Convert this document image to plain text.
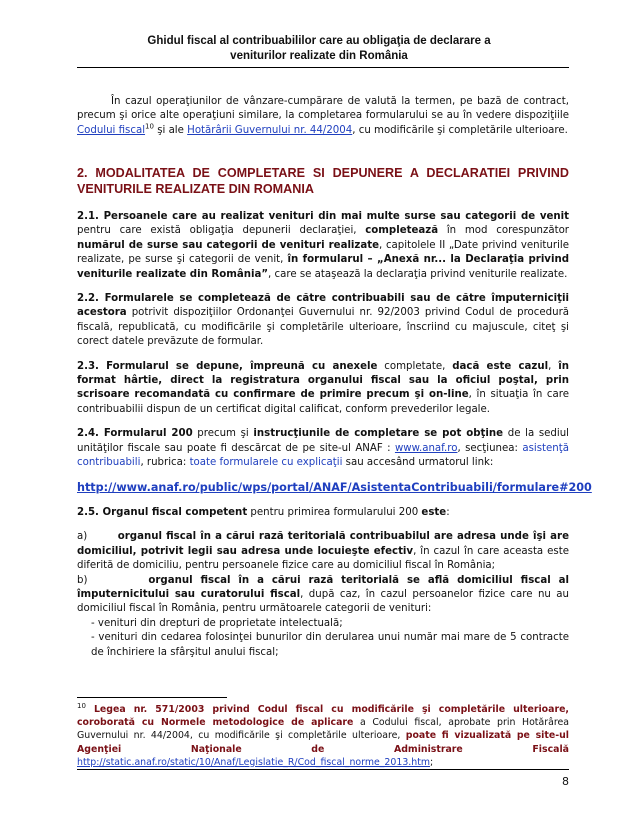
Ghidul fiscal al contribuabililor care au obligaţia de declarare a
veniturilor realizate din România

În cazul operaţiunilor de vânzare-cumpărare de valută la termen, pe bază de contract, precum şi orice alte operaţiuni similare, la completarea formularului se au în vedere dispoziţiile Codului fiscal$^{10}$ şi ale Hotărârii Guvernului nr. 44/2004, cu modificările şi completările ulterioare.

2. MODALITATEA DE COMPLETARE SI DEPUNERE A DECLARATIEI PRIVIND VENITURILE REALIZATE DIN ROMANIA

2.1. Persoanele care au realizat venituri din mai multe surse sau categorii de venit pentru care există obligaţia depunerii declaraţiei, completează în mod corespunzător numărul de surse sau categorii de venituri realizate, capitolele II „Date privind veniturile realizate, pe surse şi categorii de venit, în formularul – „Anexă nr... la Declaraţia privind veniturile realizate din România”, care se ataşează la declaraţia privind veniturile realizate.

2.2. Formularele se completează de către contribuabili sau de către împuterniciţii acestora potrivit dispoziţiilor Ordonanţei Guvernului nr. 92/2003 privind Codul de procedură fiscală, republicată, cu modificările şi completările ulterioare, înscriind cu majuscule, citeţ şi corect datele prevăzute de formular.

2.3. Formularul se depune, împreună cu anexele completate, dacă este cazul, în format hârtie, direct la registratura organului fiscal sau la oficiul poştal, prin scrisoare recomandată cu confirmare de primire precum şi on-line, în situaţia în care contribuabilii dispun de un certificat digital calificat, conform prevederilor legale.

2.4. Formularul 200 precum şi instrucţiunile de completare se pot obţine de la sediul unităţilor fiscale sau poate fi descărcat de pe site-ul ANAF : www.anaf.ro, secţiunea: asistenţă contribuabili, rubrica: toate formularele cu explicaţii sau accesând urmatorul link:

http://www.anaf.ro/public/wps/portal/ANAF/AsistentaContribuabili/formulare#200

2.5. Organul fiscal competent pentru primirea formularului 200 este:

a)	organul fiscal în a cărui rază teritorială contribuabilul are adresa unde îşi are domiciliul, potrivit legii sau adresa unde locuieşte efectiv, în cazul în care aceasta este diferită de domiciliu, pentru persoanele fizice care au domiciliul fiscal în România;

b)	organul fiscal în a cărui rază teritorială se află domiciliul fiscal al împuternicitului sau curatorului fiscal, după caz, în cazul persoanelor fizice care nu au domiciliul fiscal în România, pentru următoarele categorii de venituri:

- venituri din drepturi de proprietate intelectuală;

- venituri din cedarea folosinţei bunurilor din derularea unui număr mai mare de 5 contracte de închiriere la sfârşitul anului fiscal;

$^{10}$ Legea nr. 571/2003 privind Codul fiscal cu modificările şi completările ulterioare, coroborată cu Normele metodologice de aplicare a Codului fiscal, aprobate prin Hotărârea Guvernului nr. 44/2004, cu modificările şi completările ulterioare, poate fi vizualizată pe site-ul Agenţiei Naţionale de Administrare Fiscală http://static.anaf.ro/static/10/Anaf/Legislatie_R/Cod_fiscal_norme_2013.htm;
8
